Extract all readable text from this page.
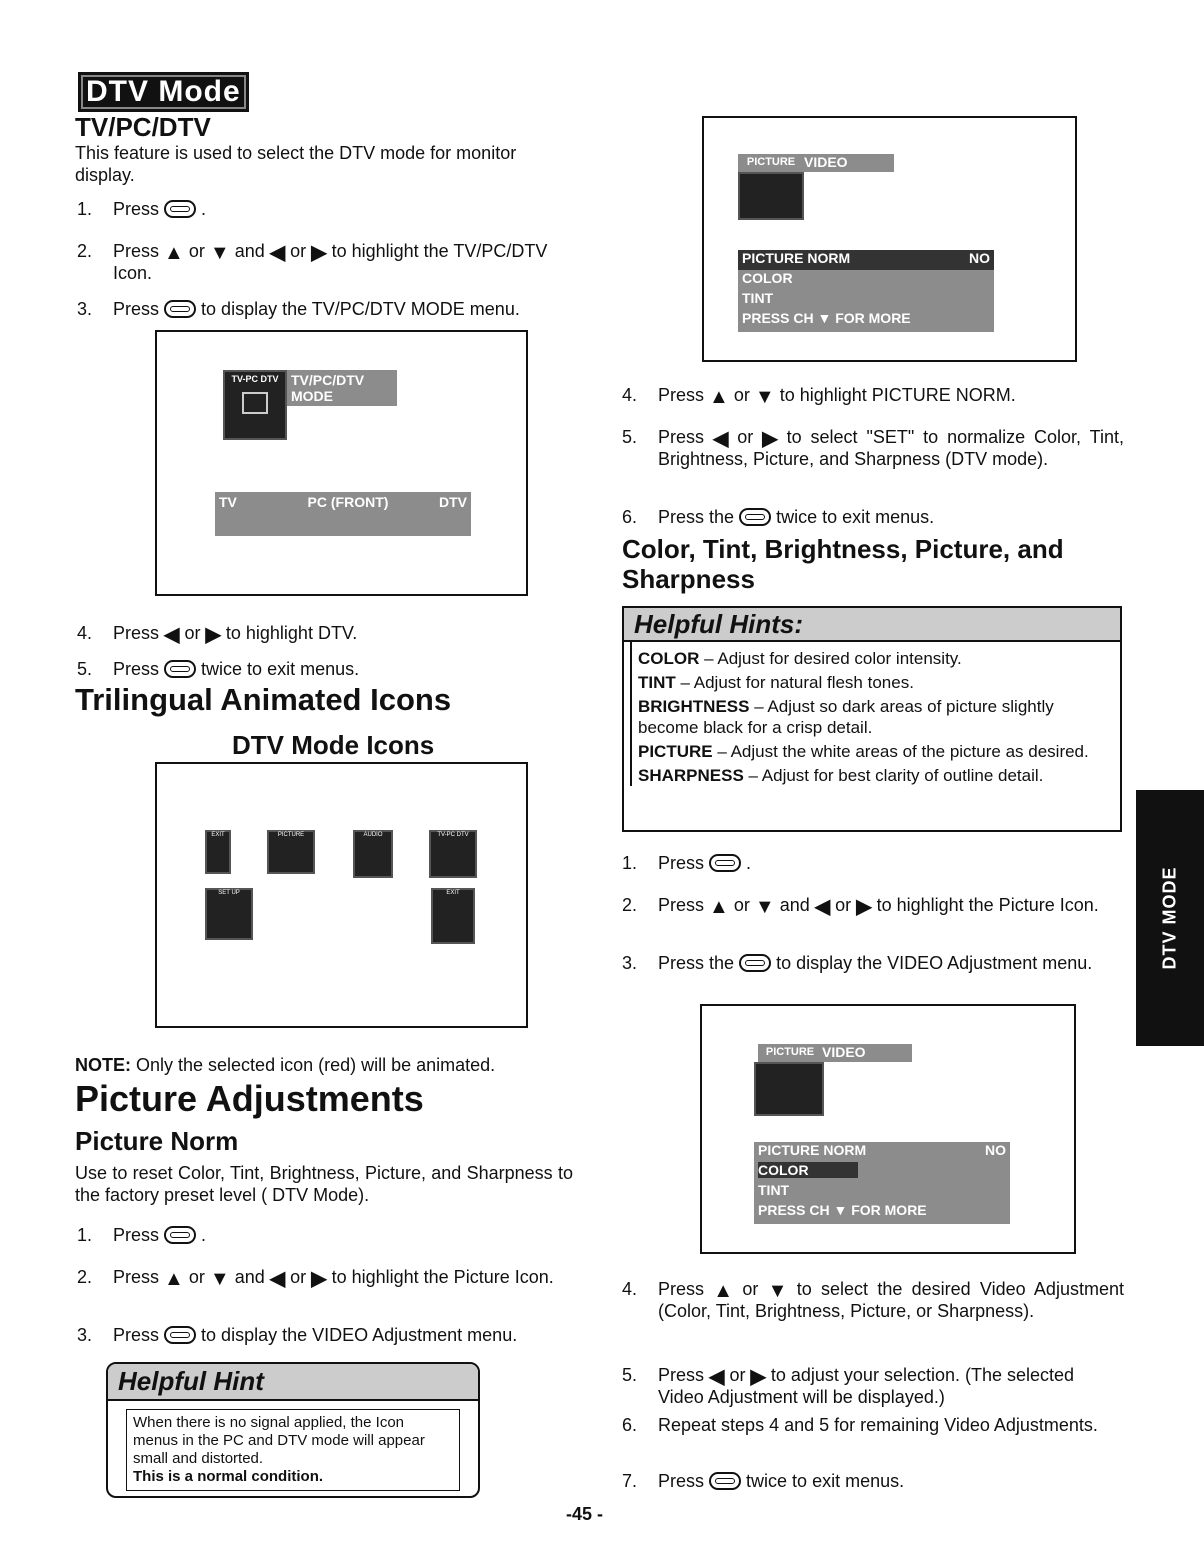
DTV Mode
TV/PC/DTV
This feature is used to select the DTV mode for monitor display.
1.	Press  .
2.	Press ▲ or ▼ and ◀ or ▶ to highlight the TV/PC/DTV Icon.
3.	Press to display the TV/PC/DTV MODE menu.
TV-PC DTV TV/PC/DTV MODE
TV	PC (FRONT)	DTV
4.	Press ◀ or ▶ to highlight DTV.
5.	Press twice to exit menus.
Trilingual Animated Icons
DTV Mode Icons
EXIT	PICTURE	AUDIO	TV-PC DTV
SET UP	EXIT
NOTE: Only the selected icon (red) will be animated.
Picture Adjustments
Picture Norm
Use to reset Color, Tint, Brightness, Picture, and Sharpness to the factory preset level ( DTV Mode).
1.	Press  .
2.	Press ▲ or ▼ and ◀ or ▶ to highlight the Picture Icon.
3.	Press to display the VIDEO Adjustment menu.
Helpful Hint
When there is no signal applied, the Icon menus in the PC and DTV mode will appear small and distorted.
This is a normal condition.
PICTURE VIDEO
PICTURE NORM	NO
COLOR
TINT
PRESS CH ▼ FOR MORE
4.	Press ▲ or ▼ to highlight PICTURE NORM.
5.	Press ◀ or ▶ to select "SET" to normalize Color, Tint, Brightness, Picture, and Sharpness (DTV mode).
6.	Press the twice to exit menus.
Color, Tint, Brightness, Picture, and Sharpness
Helpful Hints:
COLOR – Adjust for desired color intensity.
TINT – Adjust for natural flesh tones.
BRIGHTNESS – Adjust so dark areas of picture slightly become black for a crisp detail.
PICTURE – Adjust the white areas of the picture as desired.
SHARPNESS – Adjust for best clarity of outline detail.
1.	Press  .
2.	Press ▲ or ▼ and ◀ or ▶ to highlight the Picture Icon.
3.	Press the to display the VIDEO Adjustment menu.
PICTURE VIDEO
PICTURE NORM	NO
COLOR
TINT
PRESS CH ▼ FOR MORE
4.	Press ▲ or ▼ to select the desired Video Adjustment (Color, Tint, Brightness, Picture, or Sharpness).
5.	Press ◀ or ▶ to adjust your selection. (The selected Video Adjustment will be displayed.)
6.	Repeat steps 4 and 5 for remaining Video Adjustments.
7.	Press twice to exit menus.
DTV MODE
-45 -
